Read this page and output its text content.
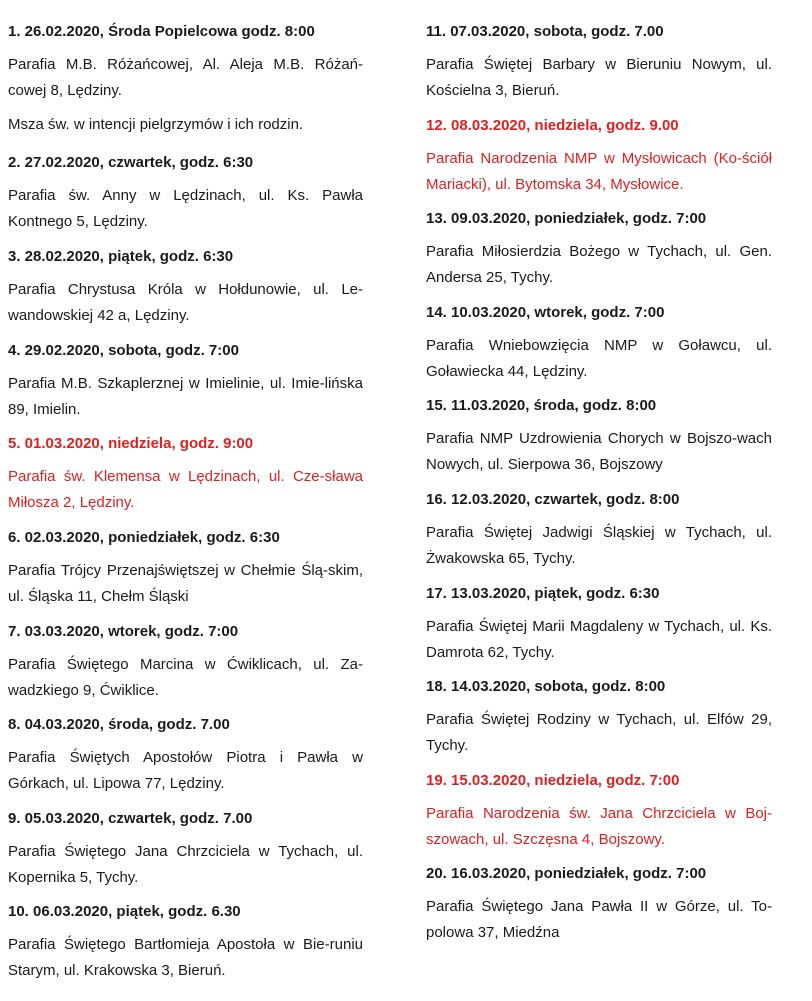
1. 26.02.2020, Środa Popielcowa godz. 8:00

Parafia M.B. Różańcowej, Al. Aleja M.B. Różań-cowej 8, Lędziny.

Msza św. w intencji pielgrzymów i ich rodzin.

2. 27.02.2020, czwartek, godz. 6:30

Parafia św. Anny w Lędzinach, ul. Ks. Pawła Kontnego 5, Lędziny.

3. 28.02.2020, piątek, godz. 6:30

Parafia Chrystusa Króla w Hołdunowie, ul. Le-wandowskiej 42 a, Lędziny.

4. 29.02.2020, sobota, godz. 7:00

Parafia M.B. Szkaplerznej w Imielinie, ul. Imie-lińska 89, Imielin.

5. 01.03.2020, niedziela, godz. 9:00

Parafia św. Klemensa w Lędzinach, ul. Cze-sława Miłosza 2, Lędziny.

6. 02.03.2020, poniedziałek, godz. 6:30

Parafia Trójcy Przenajświętszej w Chełmie Ślą-skim, ul. Śląska 11, Chełm Śląski

7. 03.03.2020, wtorek, godz. 7:00

Parafia Świętego Marcina w Ćwiklicach, ul. Za-wadzkiego 9, Ćwiklice.

8. 04.03.2020, środa, godz. 7.00

Parafia Świętych Apostołów Piotra i Pawła w Górkach, ul. Lipowa 77, Lędziny.

9. 05.03.2020, czwartek, godz. 7.00

Parafia Świętego Jana Chrzciciela w Tychach, ul. Kopernika 5, Tychy.

10. 06.03.2020, piątek, godz. 6.30

Parafia Świętego Bartłomieja Apostoła w Bie-runiu Starym, ul. Krakowska 3, Bieruń.

11. 07.03.2020, sobota, godz. 7.00

Parafia Świętej Barbary w Bieruniu Nowym, ul. Kościelna 3, Bieruń.

12. 08.03.2020, niedziela, godz. 9.00

Parafia Narodzenia NMP w Mysłowicach (Ko-ściół Mariacki), ul. Bytomska 34, Mysłowice.

13. 09.03.2020, poniedziałek, godz. 7:00

Parafia Miłosierdzia Bożego w Tychach, ul. Gen. Andersa 25, Tychy.

14. 10.03.2020, wtorek, godz. 7:00

Parafia Wniebowzięcia NMP w Goławcu, ul. Goławiecka 44, Lędziny.

15. 11.03.2020, środa, godz. 8:00

Parafia NMP Uzdrowienia Chorych w Bojszo-wach Nowych, ul. Sierpowa 36, Bojszowy

16. 12.03.2020, czwartek, godz. 8:00

Parafia Świętej Jadwigi Śląskiej w Tychach, ul. Żwakowska 65, Tychy.

17. 13.03.2020, piątek, godz. 6:30

Parafia Świętej Marii Magdaleny w Tychach, ul. Ks. Damrota 62, Tychy.

18. 14.03.2020, sobota, godz. 8:00

Parafia Świętej Rodziny w Tychach, ul. Elfów 29, Tychy.

19. 15.03.2020, niedziela, godz. 7:00

Parafia Narodzenia św. Jana Chrzciciela w Boj-szowach, ul. Szczęsna 4, Bojszowy.

20. 16.03.2020, poniedziałek, godz. 7:00

Parafia Świętego Jana Pawła II w Górze, ul. To-polowa 37, Miedźna
